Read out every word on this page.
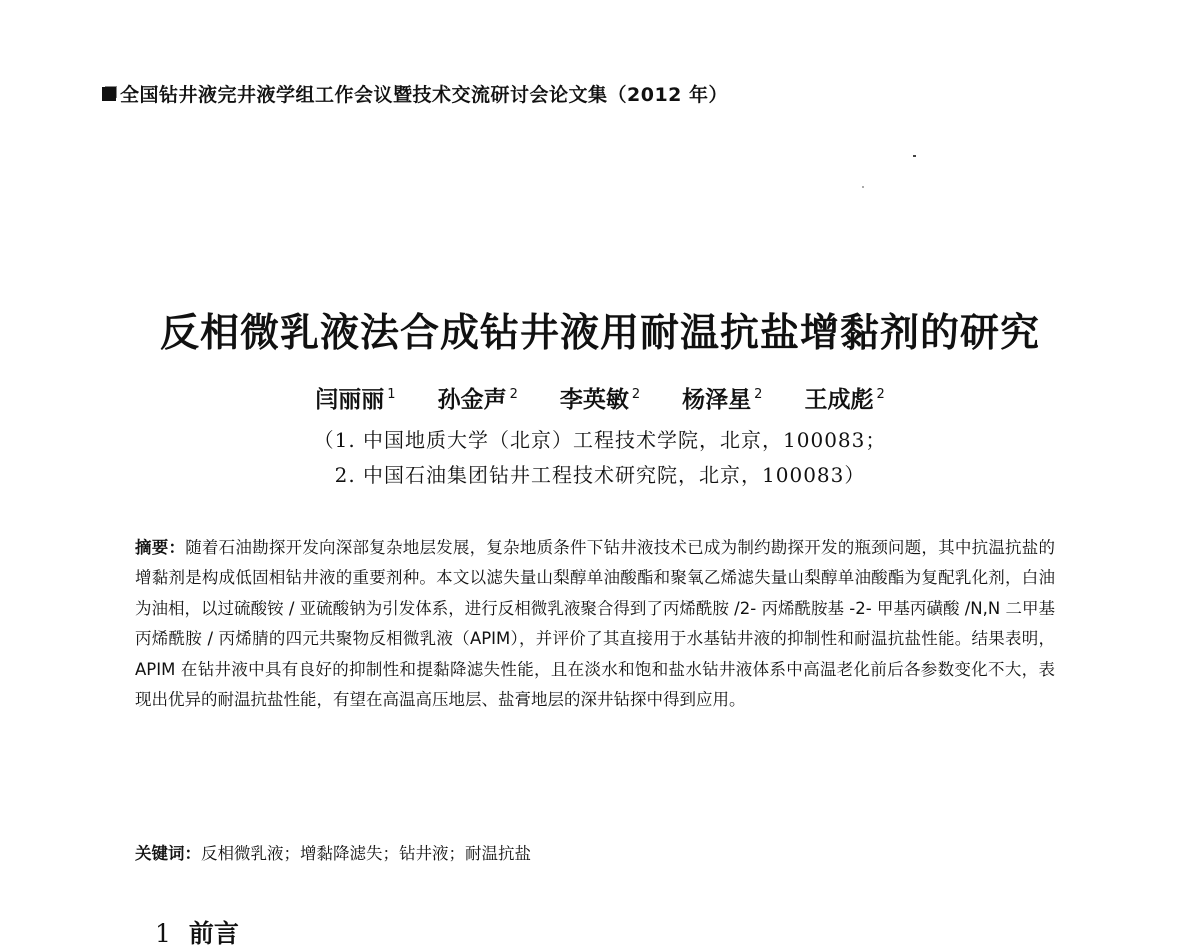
全国钻井液完井液学组工作会议暨技术交流研讨会论文集（2012 年）
反相微乳液法合成钻井液用耐温抗盐增黏剂的研究
闫丽丽 $^1$ 孙金声 $^2$ 李英敏 $^2$ 杨泽星 $^2$ 王成彪 $^2$
（1. 中国地质大学（北京）工程技术学院，北京，100083；
2. 中国石油集团钻井工程技术研究院，北京，100083）
摘要：随着石油勘探开发向深部复杂地层发展，复杂地质条件下钻井液技术已成为制约勘探开发的瓶颈问题，其中抗温抗盐的增黏剂是构成低固相钻井液的重要剂种。本文以滤失量山梨醇单油酸酯和聚氧乙烯滤失量山梨醇单油酸酯为复配乳化剂，白油为油相，以过硫酸铵 / 亚硫酸钠为引发体系，进行反相微乳液聚合得到了丙烯酰胺 /2- 丙烯酰胺基 -2- 甲基丙磺酸 /N,N 二甲基丙烯酰胺 / 丙烯腈的四元共聚物反相微乳液（APIM），并评价了其直接用于水基钻井液的抑制性和耐温抗盐性能。结果表明，APIM 在钻井液中具有良好的抑制性和提黏降滤失性能，且在淡水和饱和盐水钻井液体系中高温老化前后各参数变化不大，表现出优异的耐温抗盐性能，有望在高温高压地层、盐膏地层的深井钻探中得到应用。
关键词：反相微乳液；增黏降滤失；钻井液；耐温抗盐
1 前言
